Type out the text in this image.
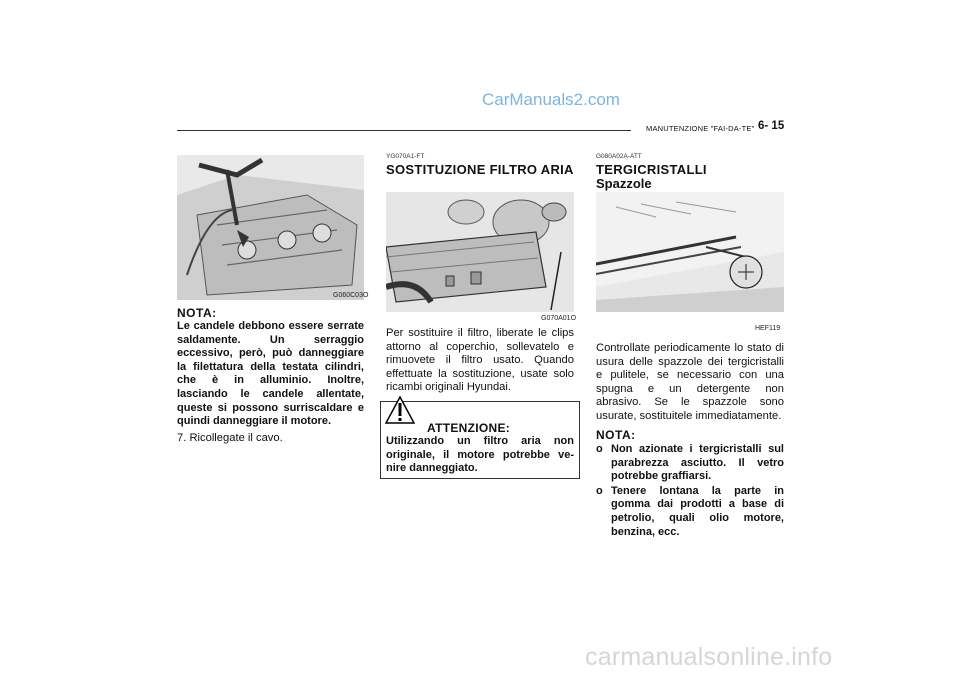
CarManuals2.com
MANUTENZIONE "FAI-DA-TE" 6- 15
G060C03O
NOTA:
Le candele debbono essere serrate saldamente. Un serraggio eccessivo, però, può danneggiare la filettatura della testata cilindri, che è in alluminio. Inoltre, lasciando le candele allentate, queste si possono surriscaldare e quindi danneggiare il motore.
7. Ricollegate il cavo.
YG070A1-FT
SOSTITUZIONE FILTRO ARIA
G070A01O
Per sostituire il filtro, liberate le clips attorno al coperchio, sollevatelo e rimuovete il filtro usato. Quando effettuate la sostituzione, usate solo ricambi originali Hyundai.
ATTENZIONE:
Utilizzando un filtro aria non originale, il motore potrebbe ve- nire danneggiato.
G080A02A-ATT
TERGICRISTALLI
Spazzole
HEF119
Controllate periodicamente lo stato di usura delle spazzole dei tergicristalli e pulitele, se necessario con una spugna e un detergente non abrasivo. Se le spazzole sono usurate, sostituitele immediatamente.
NOTA:
o Non azionate i tergicristalli sul parabrezza asciutto. Il vetro potrebbe graffiarsi.
o Tenere lontana la parte in gomma dai prodotti a base di petrolio, quali olio motore, benzina, ecc.
carmanualsonline.info
